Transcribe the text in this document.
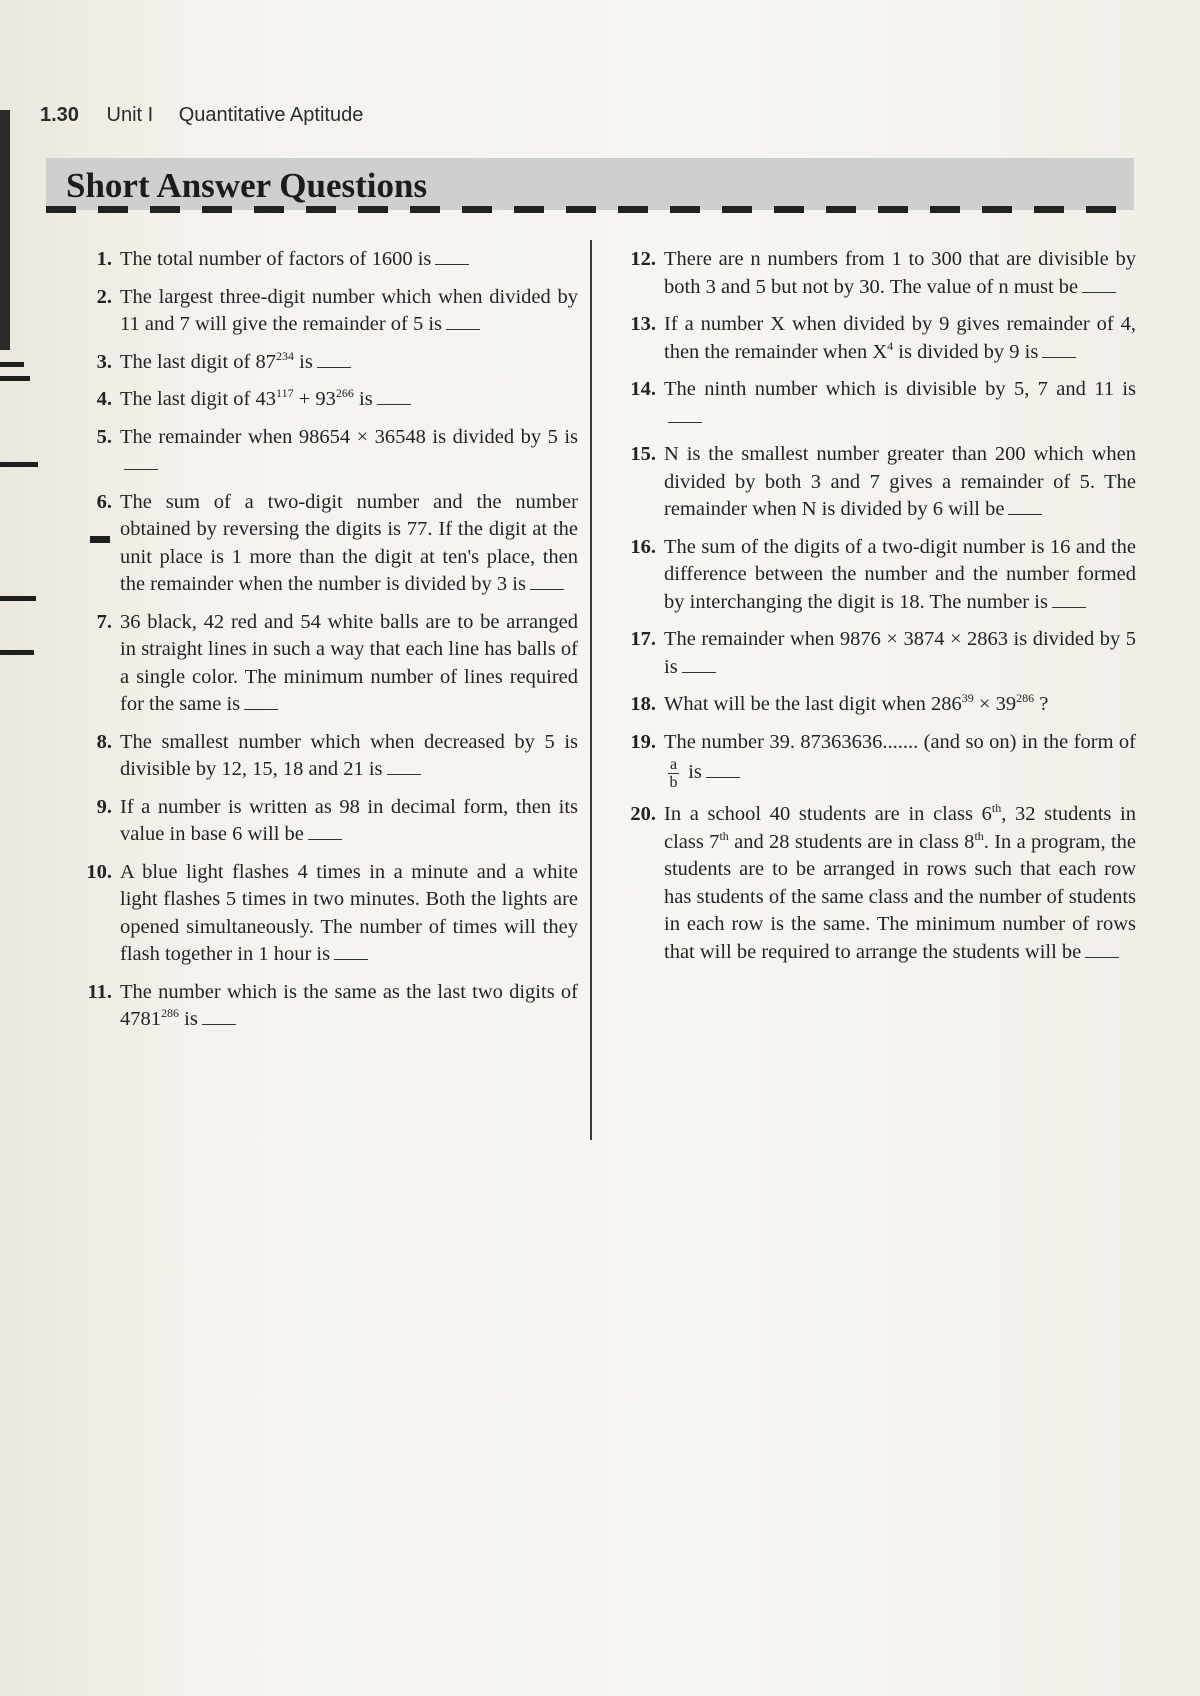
1.30 Unit I Quantitative Aptitude
Short Answer Questions
1. The total number of factors of 1600 is
2. The largest three-digit number which when divided by 11 and 7 will give the remainder of 5 is
3. The last digit of $87^{234}$ is
4. The last digit of $43^{117} + 93^{266}$ is
5. The remainder when 98654 × 36548 is divided by 5 is
6. The sum of a two-digit number and the number obtained by reversing the digits is 77. If the digit at the unit place is 1 more than the digit at ten's place, then the remainder when the number is divided by 3 is
7. 36 black, 42 red and 54 white balls are to be arranged in straight lines in such a way that each line has balls of a single color. The minimum number of lines required for the same is
8. The smallest number which when decreased by 5 is divisible by 12, 15, 18 and 21 is
9. If a number is written as 98 in decimal form, then its value in base 6 will be
10. A blue light flashes 4 times in a minute and a white light flashes 5 times in two minutes. Both the lights are opened simultaneously. The number of times will they flash together in 1 hour is
11. The number which is the same as the last two digits of 4781$^{286}$ is
12. There are n numbers from 1 to 300 that are divisible by both 3 and 5 but not by 30. The value of n must be
13. If a number X when divided by 9 gives remainder of 4, then the remainder when $X^4$ is divided by 9 is
14. The ninth number which is divisible by 5, 7 and 11 is
15. N is the smallest number greater than 200 which when divided by both 3 and 7 gives a remainder of 5. The remainder when N is divided by 6 will be
16. The sum of the digits of a two-digit number is 16 and the difference between the number and the number formed by interchanging the digit is 18. The number is
17. The remainder when 9876 × 3874 × 2863 is divided by 5 is
18. What will be the last digit when $286^{39} \times 39^{286}$ ?
19. The number 39. 87363636....... (and so on) in the form of
$\frac{a}{b}$ is
20. In a school 40 students are in class 6th, 32 students in class 7th and 28 students are in class 8th. In a program, the students are to be arranged in rows such that each row has students of the same class and the number of students in each row is the same. The minimum number of rows that will be required to arrange the students will be
